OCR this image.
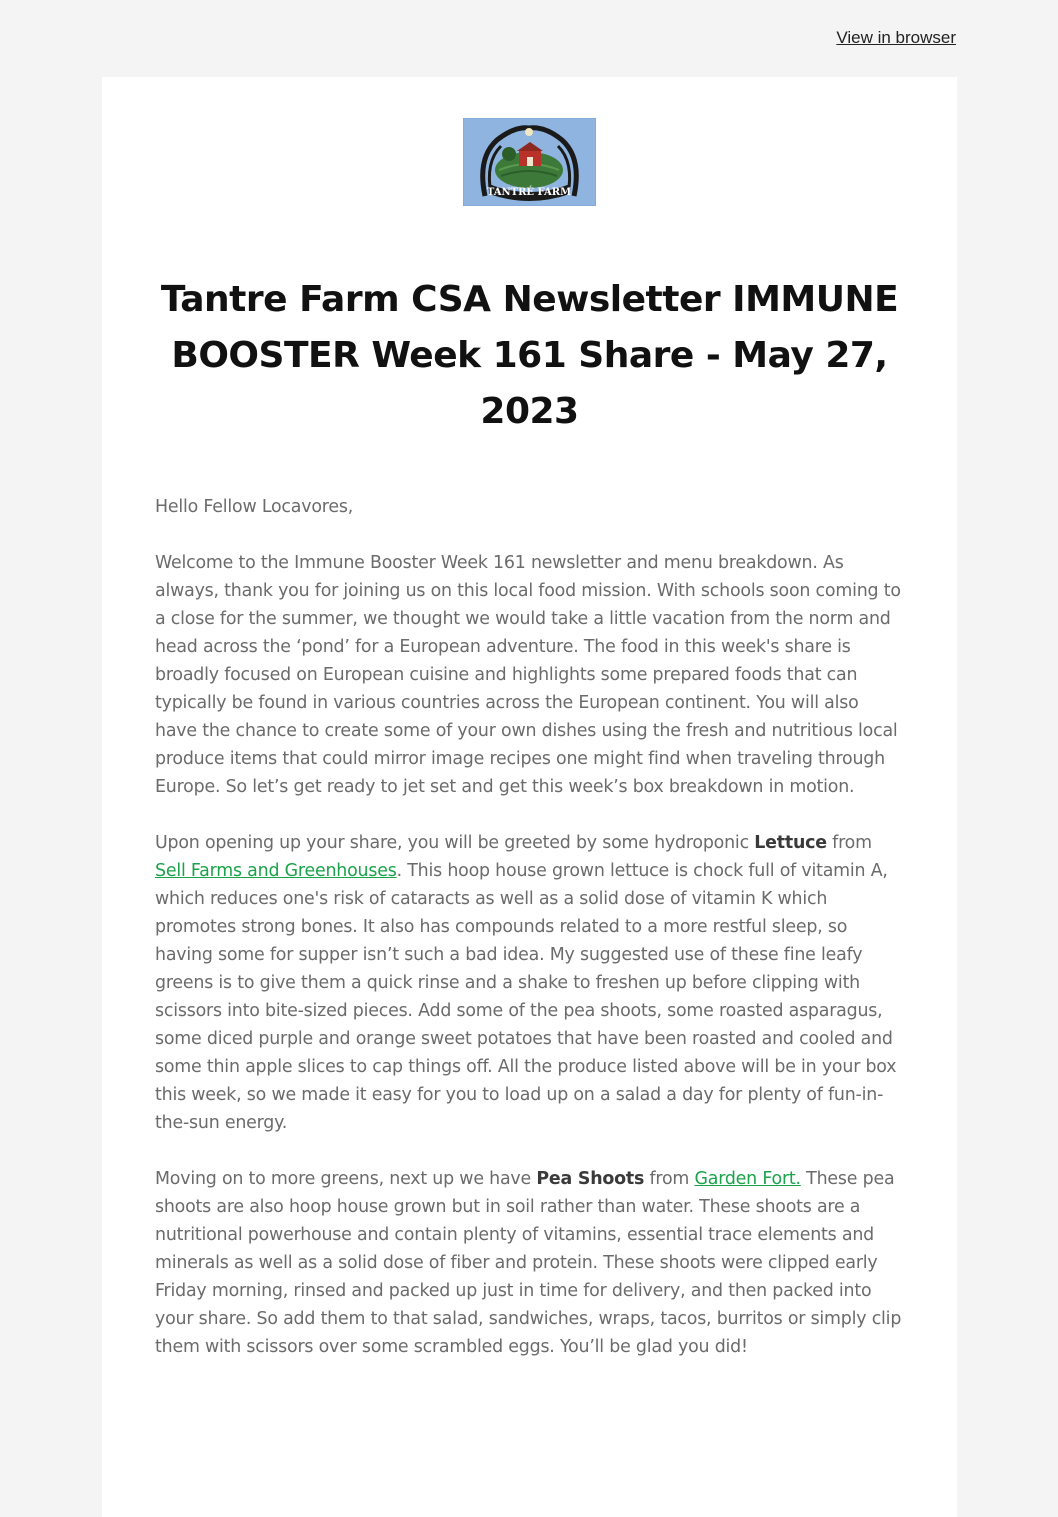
View in browser
TANTRÉ FARM
Tantre Farm CSA Newsletter IMMUNE BOOSTER Week 161 Share - May 27, 2023

Hello Fellow Locavores,

Welcome to the Immune Booster Week 161 newsletter and menu breakdown. As always, thank you for joining us on this local food mission. With schools soon coming to a close for the summer, we thought we would take a little vacation from the norm and head across the ‘pond’ for a European adventure. The food in this week's share is broadly focused on European cuisine and highlights some prepared foods that can typically be found in various countries across the European continent. You will also have the chance to create some of your own dishes using the fresh and nutritious local produce items that could mirror image recipes one might find when traveling through Europe. So let’s get ready to jet set and get this week’s box breakdown in motion.

Upon opening up your share, you will be greeted by some hydroponic Lettuce from Sell Farms and Greenhouses. This hoop house grown lettuce is chock full of vitamin A, which reduces one's risk of cataracts as well as a solid dose of vitamin K which promotes strong bones. It also has compounds related to a more restful sleep, so having some for supper isn’t such a bad idea. My suggested use of these fine leafy greens is to give them a quick rinse and a shake to freshen up before clipping with scissors into bite-sized pieces. Add some of the pea shoots, some roasted asparagus, some diced purple and orange sweet potatoes that have been roasted and cooled and some thin apple slices to cap things off. All the produce listed above will be in your box this week, so we made it easy for you to load up on a salad a day for plenty of fun-in-the-sun energy.

Moving on to more greens, next up we have Pea Shoots from Garden Fort. These pea shoots are also hoop house grown but in soil rather than water. These shoots are a nutritional powerhouse and contain plenty of vitamins, essential trace elements and minerals as well as a solid dose of fiber and protein. These shoots were clipped early Friday morning, rinsed and packed up just in time for delivery, and then packed into your share. So add them to that salad, sandwiches, wraps, tacos, burritos or simply clip them with scissors over some scrambled eggs. You’ll be glad you did!
